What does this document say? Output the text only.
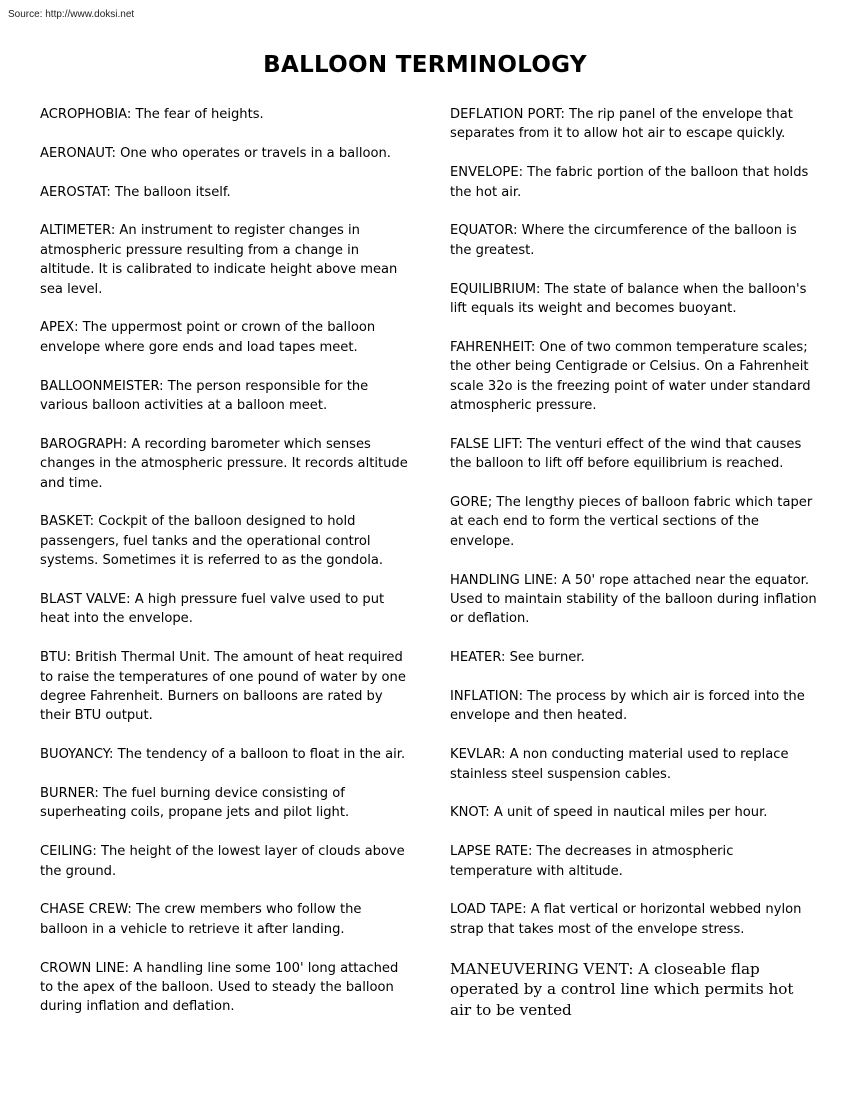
Source: http://www.doksi.net
BALLOON TERMINOLOGY

ACROPHOBIA: The fear of heights.

AERONAUT: One who operates or travels in a balloon.

AEROSTAT: The balloon itself.

ALTIMETER: An instrument to register changes in atmospheric pressure resulting from a change in altitude. It is calibrated to indicate height above mean sea level.

APEX: The uppermost point or crown of the balloon envelope where gore ends and load tapes meet.

BALLOONMEISTER: The person responsible for the various balloon activities at a balloon meet.

BAROGRAPH: A recording barometer which senses changes in the atmospheric pressure. It records altitude and time.

BASKET: Cockpit of the balloon designed to hold passengers, fuel tanks and the operational control systems. Sometimes it is referred to as the gondola.

BLAST VALVE: A high pressure fuel valve used to put heat into the envelope.

BTU: British Thermal Unit. The amount of heat required to raise the temperatures of one pound of water by one degree Fahrenheit. Burners on balloons are rated by their BTU output.

BUOYANCY: The tendency of a balloon to float in the air.

BURNER: The fuel burning device consisting of superheating coils, propane jets and pilot light.

CEILING: The height of the lowest layer of clouds above the ground.

CHASE CREW: The crew members who follow the balloon in a vehicle to retrieve it after landing.

CROWN LINE: A handling line some 100' long attached to the apex of the balloon. Used to steady the balloon during inflation and deflation.

DEFLATION PORT: The rip panel of the envelope that separates from it to allow hot air to escape quickly.

ENVELOPE: The fabric portion of the balloon that holds the hot air.

EQUATOR: Where the circumference of the balloon is the greatest.

EQUILIBRIUM: The state of balance when the balloon's lift equals its weight and becomes buoyant.

FAHRENHEIT: One of two common temperature scales; the other being Centigrade or Celsius. On a Fahrenheit scale 32o is the freezing point of water under standard atmospheric pressure.

FALSE LIFT: The venturi effect of the wind that causes the balloon to lift off before equilibrium is reached.

GORE; The lengthy pieces of balloon fabric which taper at each end to form the vertical sections of the envelope.

HANDLING LINE: A 50' rope attached near the equator. Used to maintain stability of the balloon during inflation or deflation.

HEATER: See burner.

INFLATION: The process by which air is forced into the envelope and then heated.

KEVLAR: A non conducting material used to replace stainless steel suspension cables.

KNOT: A unit of speed in nautical miles per hour.

LAPSE RATE: The decreases in atmospheric temperature with altitude.

LOAD TAPE: A flat vertical or horizontal webbed nylon strap that takes most of the envelope stress.

MANEUVERING VENT: A closeable flap operated by a control line which permits hot air to be vented
